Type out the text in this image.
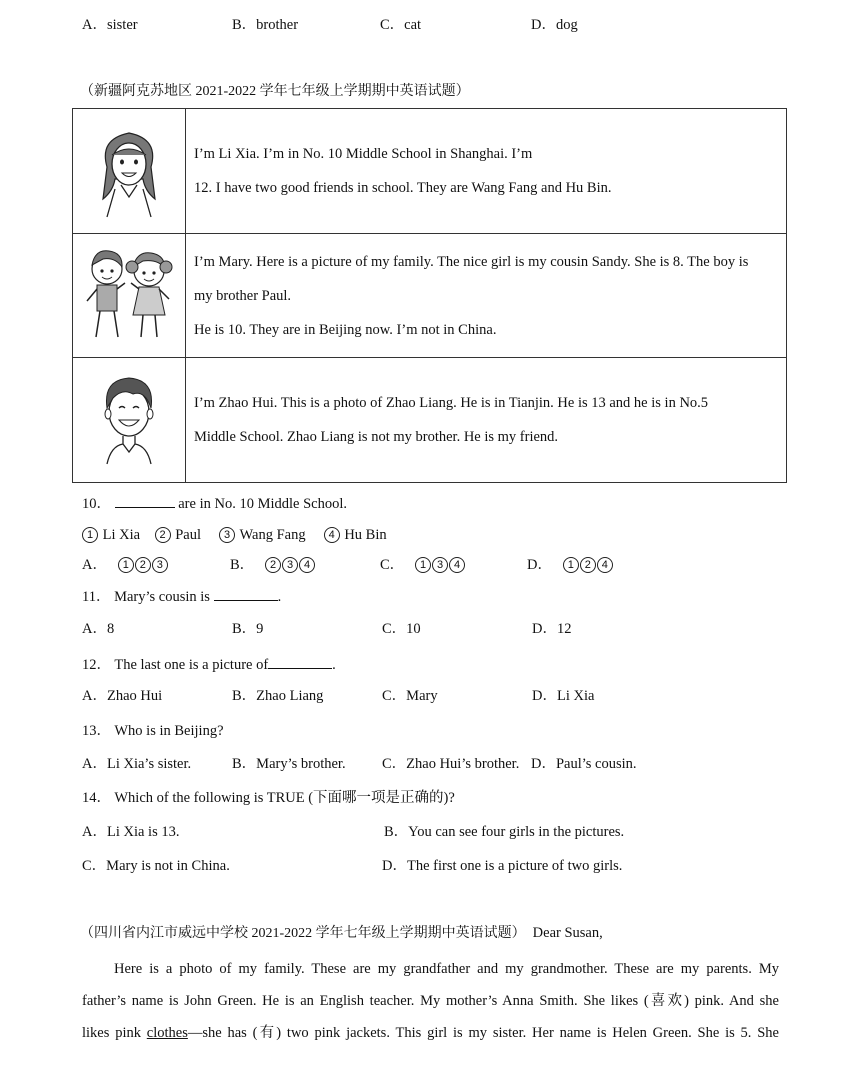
A．sister	B．brother	C．cat	D．dog
（新疆阿克苏地区 2021-2022 学年七年级上学期期中英语试题）

I’m Li Xia. I’m in No. 10 Middle School in Shanghai. I’m
12. I have two good friends in school. They are Wang Fang and Hu Bin.

I’m Mary. Here is a picture of my family. The nice girl is my cousin Sandy. She is 8. The boy is
my brother Paul.
He is 10. They are in Beijing now. I’m not in China.

I’m Zhao Hui. This is a photo of Zhao Liang. He is in Tianjin. He is 13 and he is in No.5
Middle School. Zhao Liang is not my brother. He is my friend.
10．	are in No. 10 Middle School.
1 Li Xia 2 Paul 3 Wang Fang 4 Hu Bin
A． 1 2 3	B． 2 3 4	C． 1 3 4	D． 1 2 4
11． Mary’s cousin is	.
A．8	B．9	C．10	D．12
12． The last one is a picture of	.
A．Zhao Hui	B．Zhao Liang	C．Mary	D．Li Xia
13． Who is in Beijing?
A．Li Xia’s sister.	B．Mary’s brother.	C．Zhao Hui’s brother. D．Paul’s cousin.
14． Which of the following is TRUE (下面哪一项是正确的)?
A．Li Xia is 13.	B．You can see four girls in the pictures.
C．Mary is not in China.	D．The first one is a picture of two girls.
（四川省内江市威远中学校 2021-2022 学年七年级上学期期中英语试题） Dear Susan,
Here is a photo of my family. These are my grandfather and my grandmother. These are my parents. My
father’s name is John Green. He is an English teacher. My mother’s Anna Smith. She likes (喜欢) pink. And she
likes pink clothes—she has (有) two pink jackets. This girl is my sister. Her name is Helen Green. She is 5. She
